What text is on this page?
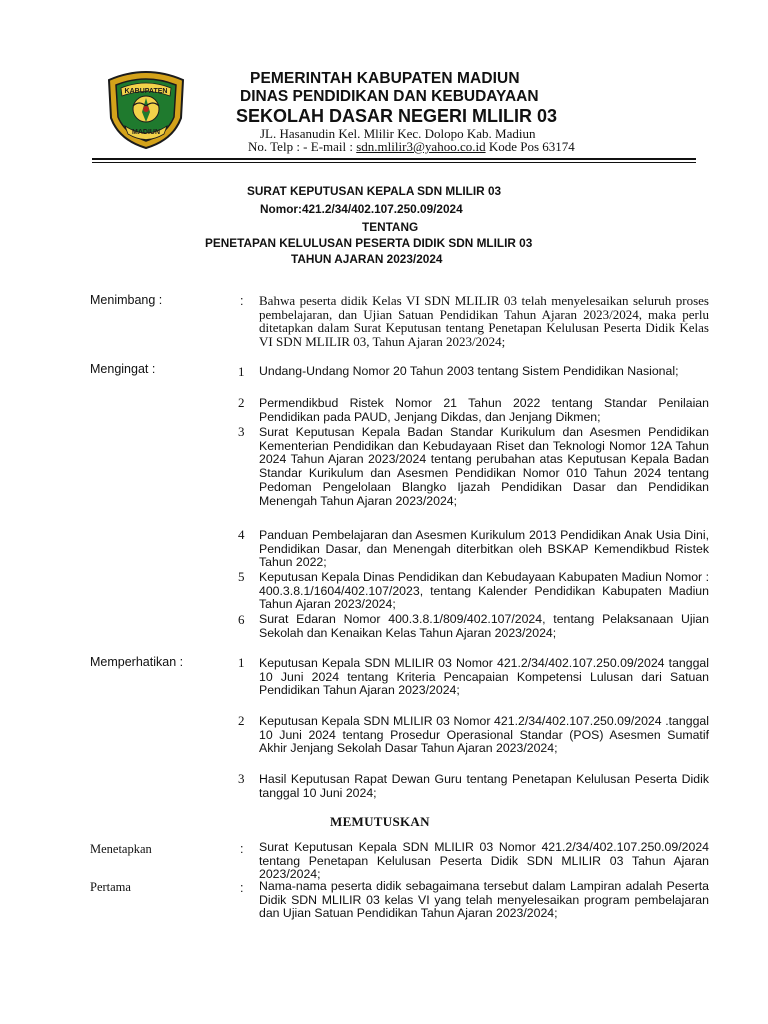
KABUPATEN
MADIUN
PEMERINTAH KABUPATEN MADIUN
DINAS PENDIDIKAN DAN KEBUDAYAAN
SEKOLAH DASAR NEGERI MLILIR 03
JL. Hasanudin Kel. Mlilir Kec. Dolopo Kab. Madiun
No. Telp : - E-mail : sdn.mlilir3@yahoo.co.id Kode Pos 63174
SURAT KEPUTUSAN KEPALA SDN MLILIR 03
Nomor:421.2/34/402.107.250.09/2024
TENTANG
PENETAPAN KELULUSAN PESERTA DIDIK SDN MLILIR 03
TAHUN AJARAN 2023/2024
Menimbang :	: Bahwa peserta didik Kelas VI SDN MLILIR 03 telah menyelesaikan seluruh proses pembelajaran, dan Ujian Satuan Pendidikan Tahun Ajaran 2023/2024, maka perlu ditetapkan dalam Surat Keputusan tentang Penetapan Kelulusan Peserta Didik Kelas VI SDN MLILIR 03, Tahun Ajaran 2023/2024;
Mengingat :	1 Undang-Undang Nomor 20 Tahun 2003 tentang Sistem Pendidikan Nasional;
2 Permendikbud Ristek Nomor 21 Tahun 2022 tentang Standar Penilaian Pendidikan pada PAUD, Jenjang Dikdas, dan Jenjang Dikmen;
3 Surat Keputusan Kepala Badan Standar Kurikulum dan Asesmen Pendidikan Kementerian Pendidikan dan Kebudayaan Riset dan Teknologi Nomor 12A Tahun 2024 Tahun Ajaran 2023/2024 tentang perubahan atas Keputusan Kepala Badan Standar Kurikulum dan Asesmen Pendidikan Nomor 010 Tahun 2024 tentang Pedoman Pengelolaan Blangko Ijazah Pendidikan Dasar dan Pendidikan Menengah Tahun Ajaran 2023/2024;
4 Panduan Pembelajaran dan Asesmen Kurikulum 2013 Pendidikan Anak Usia Dini, Pendidikan Dasar, dan Menengah diterbitkan oleh BSKAP Kemendikbud Ristek Tahun 2022;
5 Keputusan Kepala Dinas Pendidikan dan Kebudayaan Kabupaten Madiun Nomor : 400.3.8.1/1604/402.107/2023, tentang Kalender Pendidikan Kabupaten Madiun Tahun Ajaran 2023/2024;
6 Surat Edaran Nomor 400.3.8.1/809/402.107/2024, tentang Pelaksanaan Ujian Sekolah dan Kenaikan Kelas Tahun Ajaran 2023/2024;
Memperhatikan :	1 Keputusan Kepala SDN MLILIR 03 Nomor 421.2/34/402.107.250.09/2024 tanggal 10 Juni 2024 tentang Kriteria Pencapaian Kompetensi Lulusan dari Satuan Pendidikan Tahun Ajaran 2023/2024;
2 Keputusan Kepala SDN MLILIR 03 Nomor 421.2/34/402.107.250.09/2024 .tanggal 10 Juni 2024 tentang Prosedur Operasional Standar (POS) Asesmen Sumatif Akhir Jenjang Sekolah Dasar Tahun Ajaran 2023/2024;
3 Hasil Keputusan Rapat Dewan Guru tentang Penetapan Kelulusan Peserta Didik tanggal 10 Juni 2024;
MEMUTUSKAN
Menetapkan	: Surat Keputusan Kepala SDN MLILIR 03 Nomor 421.2/34/402.107.250.09/2024 tentang Penetapan Kelulusan Peserta Didik SDN MLILIR 03 Tahun Ajaran 2023/2024;
Pertama	: Nama-nama peserta didik sebagaimana tersebut dalam Lampiran adalah Peserta Didik SDN MLILIR 03 kelas VI yang telah menyelesaikan program pembelajaran dan Ujian Satuan Pendidikan Tahun Ajaran 2023/2024;
